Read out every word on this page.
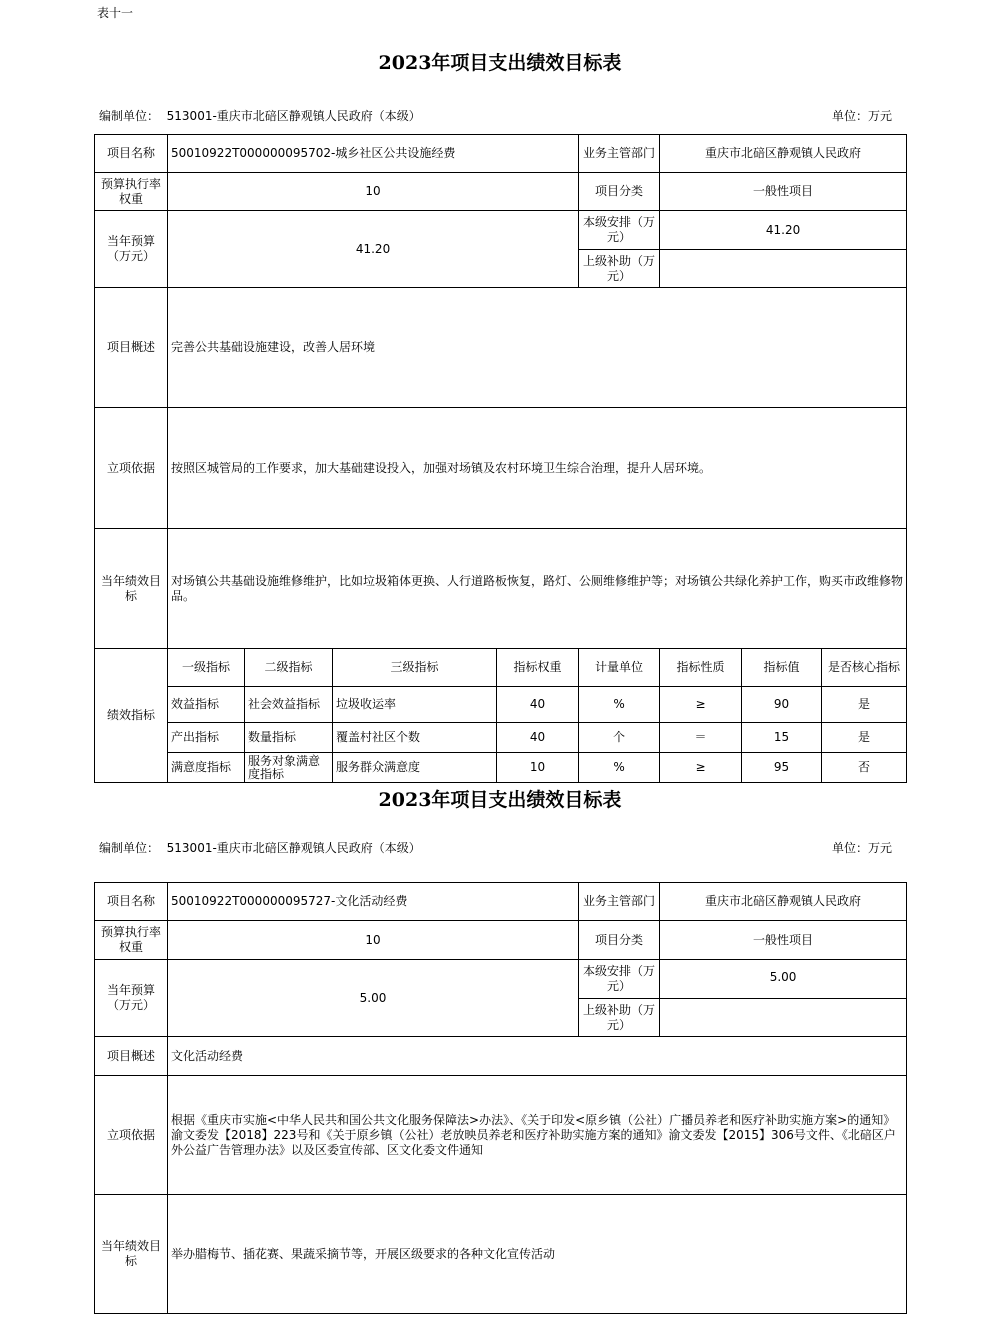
表十一
2023年项目支出绩效目标表
编制单位： 513001-重庆市北碚区静观镇人民政府（本级）	单位：万元
项目名称	50010922T000000095702-城乡社区公共设施经费				业务主管部门	重庆市北碚区静观镇人民政府		
预算执行率权重	10				项目分类	一般性项目		
当年预算（万元）	41.20				本级安排（万元）	41.20		
					上级补助（万元）			
项目概述	完善公共基础设施建设，改善人居环境							
立项依据	按照区城管局的工作要求，加大基础建设投入，加强对场镇及农村环境卫生综合治理，提升人居环境。							
当年绩效目标	对场镇公共基础设施维修维护，比如垃圾箱体更换、人行道路板恢复，路灯、公厕维修维护等；对场镇公共绿化养护工作，购买市政维修物品。							
绩效指标	一级指标	二级指标	三级指标	指标权重	计量单位	指标性质	指标值	是否核心指标
	效益指标	社会效益指标	垃圾收运率	40	%	≥	90	是
	产出指标	数量指标	覆盖村社区个数	40	个	＝	15	是
	满意度指标	服务对象满意度指标	服务群众满意度	10	%	≥	95	否
2023年项目支出绩效目标表
编制单位： 513001-重庆市北碚区静观镇人民政府（本级）	单位：万元
项目名称	50010922T000000095727-文化活动经费	业务主管部门	重庆市北碚区静观镇人民政府
预算执行率权重	10	项目分类	一般性项目
当年预算（万元）	5.00	本级安排（万元）	5.00
		上级补助（万元）	
项目概述	文化活动经费		
立项依据	根据《重庆市实施<中华人民共和国公共文化服务保障法>办法》、《关于印发<原乡镇（公社）广播员养老和医疗补助实施方案>的通知》渝文委发【2018】223号和《关于原乡镇（公社）老放映员养老和医疗补助实施方案的通知》渝文委发【2015】306号文件、《北碚区户外公益广告管理办法》以及区委宣传部、区文化委文件通知		
当年绩效目标	举办腊梅节、插花赛、果蔬采摘节等，开展区级要求的各种文化宣传活动		
